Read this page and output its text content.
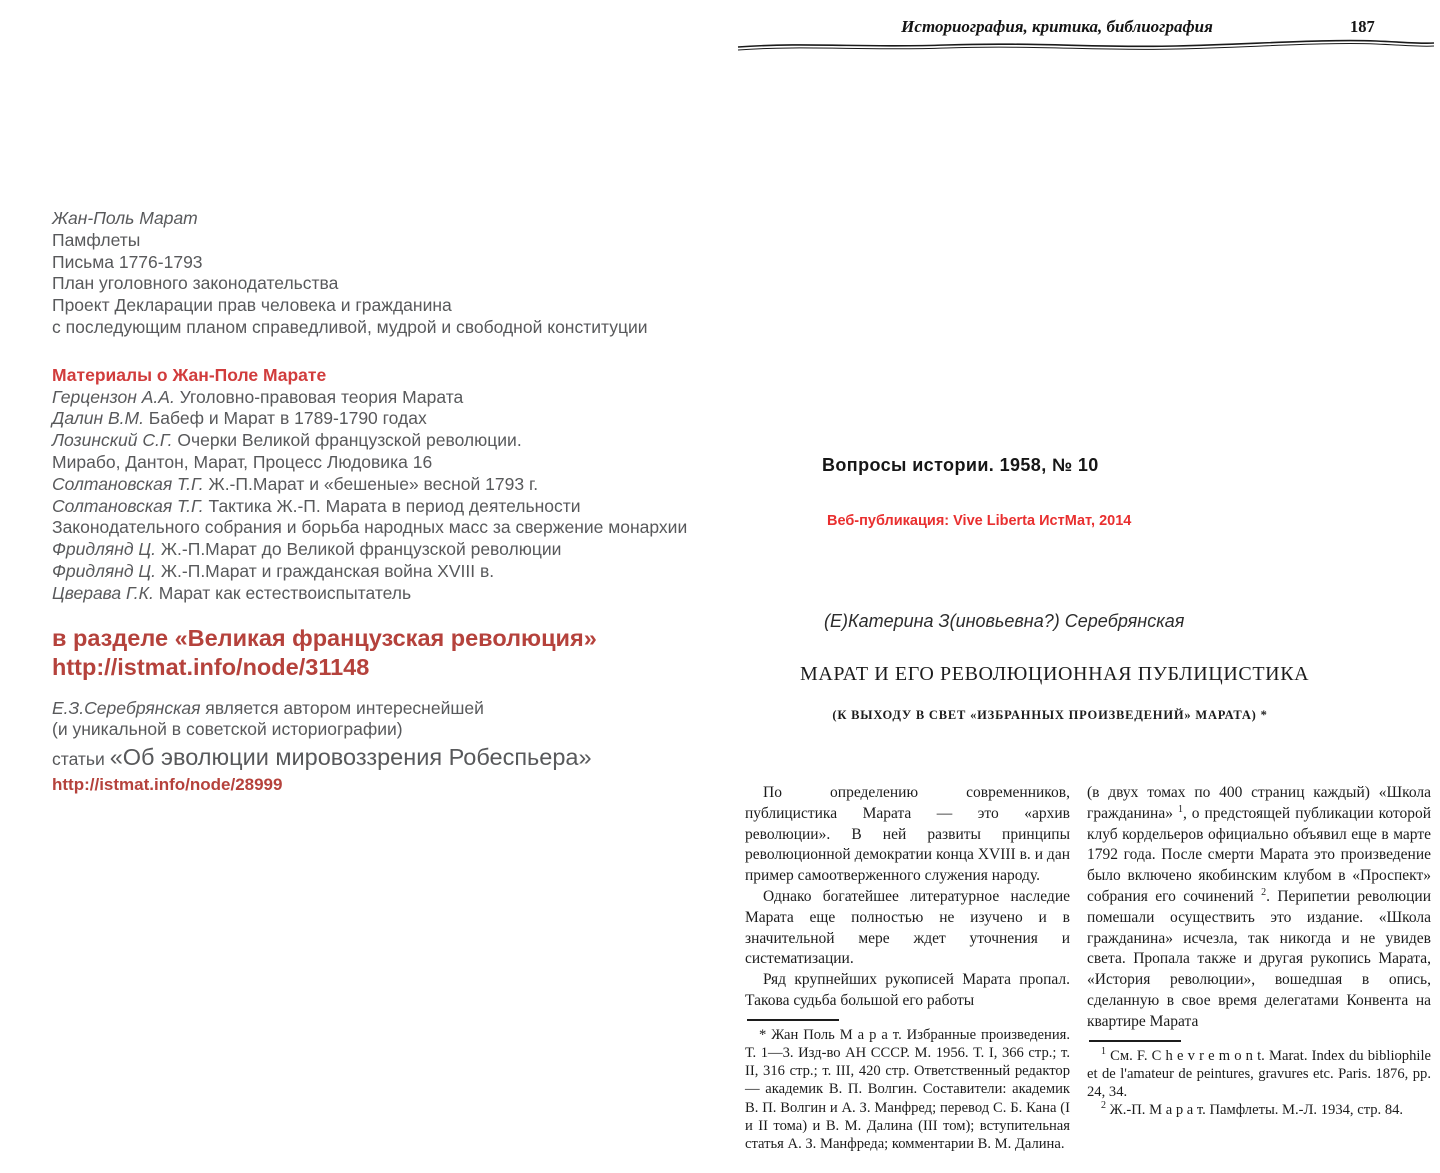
Историография, критика, библиография	187
Жан-Поль Марат
Памфлеты
Письма 1776-1793
План уголовного законодательства
Проект Декларации прав человека и гражданина
с последующим планом справедливой, мудрой и свободной конституции
Материалы о Жан-Поле Марате
Герцензон А.А. Уголовно-правовая теория Марата
Далин В.М. Бабеф и Марат в 1789-1790 годах
Лозинский С.Г. Очерки Великой французской революции.
Мирабо, Дантон, Марат, Процесс Людовика 16
Солтановская Т.Г. Ж.-П.Марат и «бешеные» весной 1793 г.
Солтановская Т.Г. Тактика Ж.-П. Марата в период деятельности
Законодательного собрания и борьба народных масс за свержение монархии
Фридлянд Ц. Ж.-П.Марат до Великой французской революции
Фридлянд Ц. Ж.-П.Марат и гражданская война XVIII в.
Цверава Г.К. Марат как естествоиспытатель
в разделе «Великая французская революция»
http://istmat.info/node/31148
Е.З.Серебрянская является автором интереснейшей
(и уникальной в советской историографии)
статьи «Об эволюции мировоззрения Робеспьера»
http://istmat.info/node/28999
Вопросы истории. 1958, № 10
Веб-публикация: Vive Liberta ИстМат, 2014
(Е)Катерина З(иновьевна?) Серебрянская
МАРАТ И ЕГО РЕВОЛЮЦИОННАЯ ПУБЛИЦИСТИКА
(К ВЫХОДУ В СВЕТ «ИЗБРАННЫХ ПРОИЗВЕДЕНИЙ» МАРАТА) *

По определению современников, публицистика Марата — это «архив революции». В ней развиты принципы революционной демократии конца XVIII в. и дан пример самоотверженного служения народу.

Однако богатейшее литературное наследие Марата еще полностью не изучено и в значительной мере ждет уточнения и систематизации.

Ряд крупнейших рукописей Марата пропал. Такова судьба большой его работы

* Жан Поль М а р а т. Избранные произведения. Т. 1—3. Изд-во АН СССР. М. 1956. Т. I, 366 стр.; т. II, 316 стр.; т. III, 420 стр. Ответственный редактор — академик В. П. Волгин. Составители: академик В. П. Волгин и А. З. Манфред; перевод С. Б. Кана (I и II тома) и В. М. Далина (III том); вступительная статья А. З. Манфреда; комментарии В. М. Далина.

(в двух томах по 400 страниц каждый) «Школа гражданина» $^1$, о предстоящей публикации которой клуб кордельеров официально объявил еще в марте 1792 года. После смерти Марата это произведение было включено якобинским клубом в «Проспект» собрания его сочинений $^2$. Перипетии революции помешали осуществить это издание. «Школа гражданина» исчезла, так никогда и не увидев света. Пропала также и другая рукопись Марата, «История революции», вошедшая в опись, сделанную в свое время делегатами Конвента на квартире Марата

$^1$ См. F. C h e v r e m o n t. Marat. Index du bibliophile et de l'amateur de peintures, gravures etc. Paris. 1876, pp. 24, 34.

$^2$ Ж.-П. М а р а т. Памфлеты. М.-Л. 1934, стр. 84.
